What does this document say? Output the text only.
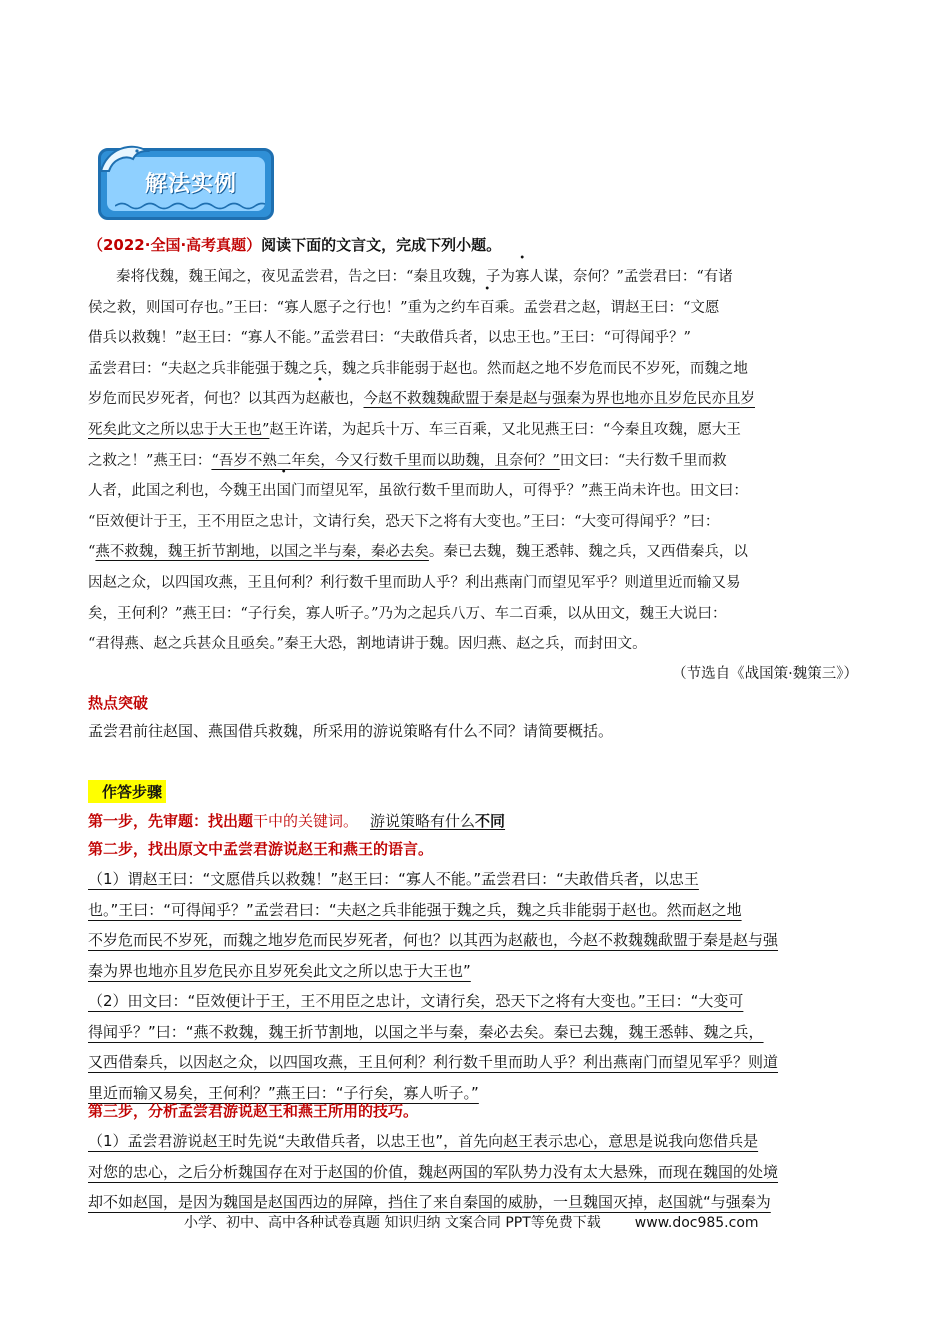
解法实例
（2022·全国·高考真题）阅读下面的文言文，完成下列小题。
秦将伐魏，魏王闻之，夜见孟尝君，告之曰：“秦且攻魏，子为寡人谋，奈何？”孟尝君曰：“有诸
侯之救，则国可存也。”王曰：“寡人愿子之行也！”重为之约车百乘。孟尝君之赵，谓赵王曰：“文愿
借兵以救魏！”赵王曰：“寡人不能。”孟尝君曰：“夫敢借兵者，以忠王也。”王曰：“可得闻乎？”
孟尝君曰：“夫赵之兵非能强于魏之兵，魏之兵非能弱于赵也。然而赵之地不岁危而民不岁死，而魏之地
岁危而民岁死者，何也？以其西为赵蔽也，今赵不救魏魏歃盟于秦是赵与强秦为界也地亦且岁危民亦且岁
死矣此文之所以忠于大王也”赵王许诺，为起兵十万、车三百乘，又北见燕王曰：“今秦且攻魏，愿大王
之救之！”燕王曰：“吾岁不熟二年矣，今又行数千里而以助魏，且奈何？”田文曰：“夫行数千里而救
人者，此国之利也，今魏王出国门而望见军，虽欲行数千里而助人，可得乎？”燕王尚未许也。田文曰：
“臣效便计于王，王不用臣之忠计，文请行矣，恐天下之将有大变也。”王曰：“大变可得闻乎？”曰：
“燕不救魏，魏王折节割地，以国之半与秦，秦必去矣。秦已去魏，魏王悉韩、魏之兵，又西借秦兵，以
因赵之众，以四国攻燕，王且何利？利行数千里而助人乎？利出燕南门而望见军乎？则道里近而输又易
矣，王何利？”燕王曰：“子行矣，寡人听子。”乃为之起兵八万、车二百乘，以从田文，魏王大说曰：
“君得燕、赵之兵甚众且亟矣。”秦王大恐，割地请讲于魏。因归燕、赵之兵，而封田文。
（节选自《战国策·魏策三》）
热点突破
孟尝君前往赵国、燕国借兵救魏，所采用的游说策略有什么不同？请简要概括。
作答步骤
第一步，先审题：找出题干中的关键词。 游说策略有什么不同
第二步，找出原文中孟尝君游说赵王和燕王的语言。
（1）谓赵王曰：“文愿借兵以救魏！”赵王曰：“寡人不能。”孟尝君曰：“夫敢借兵者，以忠王
也。”王曰：“可得闻乎？”孟尝君曰：“夫赵之兵非能强于魏之兵，魏之兵非能弱于赵也。然而赵之地
不岁危而民不岁死，而魏之地岁危而民岁死者，何也？以其西为赵蔽也，今赵不救魏魏歃盟于秦是赵与强
秦为界也地亦且岁危民亦且岁死矣此文之所以忠于大王也”
（2）田文曰：“臣效便计于王，王不用臣之忠计，文请行矣，恐天下之将有大变也。”王曰：“大变可
得闻乎？”曰：“燕不救魏，魏王折节割地，以国之半与秦，秦必去矣。秦已去魏，魏王悉韩、魏之兵，
又西借秦兵，以因赵之众，以四国攻燕，王且何利？利行数千里而助人乎？利出燕南门而望见军乎？则道
里近而输又易矣，王何利？”燕王曰：“子行矣，寡人听子。”
第三步，分析孟尝君游说赵王和燕王所用的技巧。
（1）孟尝君游说赵王时先说“夫敢借兵者，以忠王也”，首先向赵王表示忠心，意思是说我向您借兵是
对您的忠心，之后分析魏国存在对于赵国的价值，魏赵两国的军队势力没有太大悬殊，而现在魏国的处境
却不如赵国，是因为魏国是赵国西边的屏障，挡住了来自秦国的威胁，一旦魏国灭掉，赵国就“与强秦为
小学、初中、高中各种试卷真题 知识归纳 文案合同 PPT等免费下载 www.doc985.com
